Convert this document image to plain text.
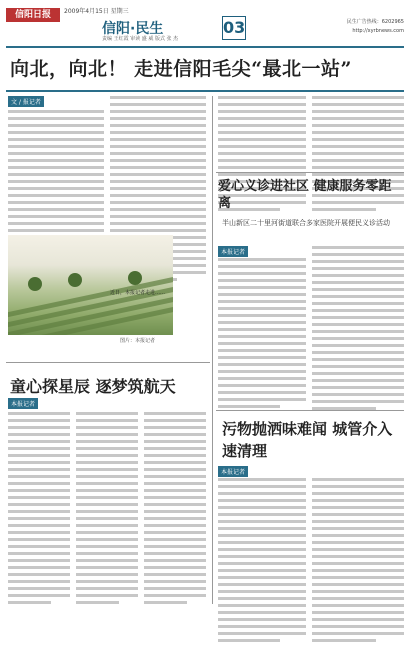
信阳日报	2009年4月15日 星期三
信阳·民生
责编 王红霞 审读 盛 威 版式 张 杰
03	民生广告热线：6202965
http://xyrbnews.com
向北，向北！ 走进信阳毛尖“最北一站”
文 / 报记者
近日，本报记者走进……
图片：本报记者
爱心义诊进社区 健康服务零距离
半山新区二十里河街道联合多家医院开展便民义诊活动
本报记者
童心探星辰 逐梦筑航天
本报记者
污物抛洒味难闻 城管介入速清理
本报记者
